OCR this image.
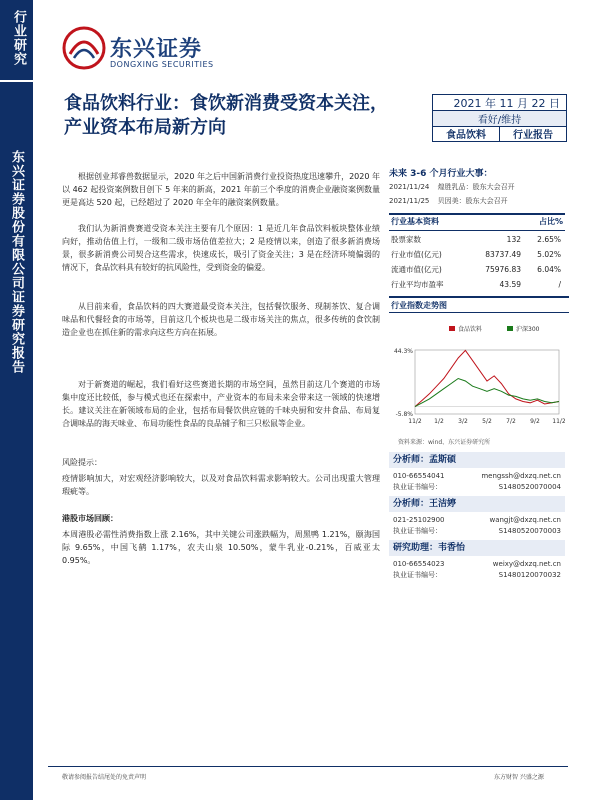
行业研究
东兴证券股份有限公司证券研究报告
东兴证券
DONGXING SECURITIES
食品饮料行业：食饮新消费受资本关注，产业资本布局新方向
2021 年 11 月 22 日
看好/维持
食品饮料	行业报告
根据创业邦睿兽数据显示，2020 年之后中国新消费行业投资热度迅速攀升，2020 年以 462 起投资案例数目创下 5 年来的新高，2021 年前三个季度的消费企业融资案例数量更是高达 520 起，已经超过了 2020 年全年的融资案例数量。
我们认为新消费赛道受资本关注主要有几个原因：1 是近几年食品饮料板块整体业绩向好，推动估值上行，一级和二级市场估值差拉大；2 是疫情以来，创造了很多新消费场景，很多新消费公司契合这些需求，快速成长，吸引了资金关注；3 是在经济环境偏弱的情况下，食品饮料具有较好的抗风险性，受到资金的偏爱。
从目前来看，食品饮料的四大赛道最受资本关注，包括餐饮服务、现制茶饮、复合调味品和代餐轻食的市场等，目前这几个板块也是二级市场关注的焦点，很多传统的食饮制造企业也在抓住新的需求向这些方向在拓展。
对于新赛道的崛起，我们看好这些赛道长期的市场空间，虽然目前这几个赛道的市场集中度还比较低，参与模式也还在探索中，产业资本的布局未来会带来这一领域的快速增长。建议关注在新领域布局的企业，包括布局餐饮供应链的千味央厨和安井食品、布局复合调味品的海天味业、布局功能性食品的良品铺子和三只松鼠等企业。
风险提示：
疫情影响加大，对宏观经济影响较大，以及对食品饮料需求影响较大。公司出现重大管理瑕疵等。
港股市场回顾：
本周港股必需性消费指数上涨 2.16%，其中关键公司涨跌幅为，周黑鸭 1.21%，颐海国际 9.65%，中国飞鹤 1.17%，农夫山泉 10.50%，蒙牛乳业-0.21%，百威亚太 0.95%。
未来 3-6 个月行业大事：
2021/11/24 煌胜乳品：股东大会召开
2021/11/25 贝因美：股东大会召开
行业基本资料	占比%
股票家数	132	2.65%
行业市值(亿元)	83737.49	5.02%
流通市值(亿元)	75976.83	6.04%
行业平均市盈率	43.59	/
行业指数走势图
44.3%
-5.8%
11/2 1/2 3/2 5/2 7/2 9/2 11/2
食品饮料	沪深300
资料来源：wind、东兴证券研究所
分析师：孟斯硕
010-66554041	mengssh@dxzq.net.cn
执业证书编号：	S1480520070004
分析师：王洁婷
021-25102900	wangjt@dxzq.net.cn
执业证书编号：	S1480520070003
研究助理：韦香怡
010-66554023	weixy@dxzq.net.cn
执业证书编号：	S1480120070032
敬请参阅报告结尾处的免责声明	东方财智 兴盛之源
